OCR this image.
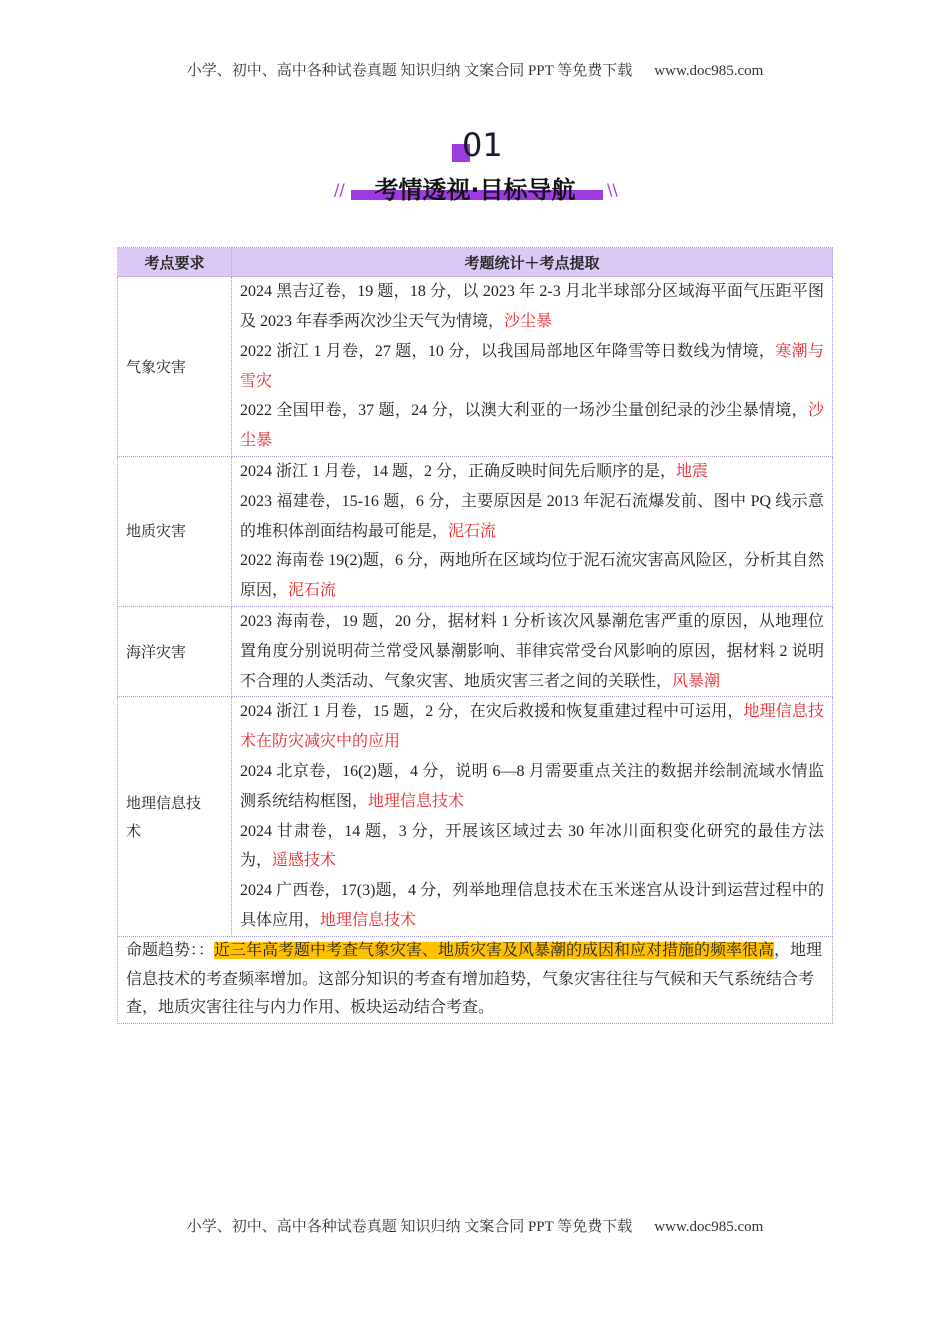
小学、初中、高中各种试卷真题 知识归纳 文案合同 PPT 等免费下载 www.doc985.com
01
//	\\
考情透视·目标导航
考点要求	考题统计＋考点提取
气象灾害	2024 黑吉辽卷，19 题，18 分，以 2023 年 2-3 月北半球部分区域海平面气压距平图及 2023 年春季两次沙尘天气为情境，沙尘暴
2022 浙江 1 月卷，27 题，10 分，以我国局部地区年降雪等日数线为情境，寒潮与雪灾
2022 全国甲卷，37 题，24 分，以澳大利亚的一场沙尘量创纪录的沙尘暴情境，沙尘暴

地质灾害	2024 浙江 1 月卷，14 题，2 分，正确反映时间先后顺序的是，地震
2023 福建卷，15-16 题，6 分，主要原因是 2013 年泥石流爆发前、图中 PQ 线示意的堆积体剖面结构最可能是，泥石流
2022 海南卷 19(2)题，6 分，两地所在区域均位于泥石流灾害高风险区，分析其自然原因，泥石流

海洋灾害	2023 海南卷，19 题，20 分，据材料 1 分析该次风暴潮危害严重的原因，从地理位置角度分别说明荷兰常受风暴潮影响、菲律宾常受台风影响的原因，据材料 2 说明不合理的人类活动、气象灾害、地质灾害三者之间的关联性，风暴潮

地理信息技术	2024 浙江 1 月卷，15 题，2 分，在灾后救援和恢复重建过程中可运用，地理信息技术在防灾减灾中的应用
2024 北京卷，16(2)题，4 分，说明 6—8 月需要重点关注的数据并绘制流域水情监测系统结构框图，地理信息技术
2024 甘肃卷，14 题，3 分，开展该区域过去 30 年冰川面积变化研究的最佳方法为，遥感技术
2024 广西卷，17(3)题，4 分，列举地理信息技术在玉米迷宫从设计到运营过程中的具体应用，地理信息技术

命题趋势：：近三年高考题中考查气象灾害、地质灾害及风暴潮的成因和应对措施的频率很高，地理信息技术的考查频率增加。这部分知识的考查有增加趋势，气象灾害往往与气候和天气系统结合考查，地质灾害往往与内力作用、板块运动结合考查。	
小学、初中、高中各种试卷真题 知识归纳 文案合同 PPT 等免费下载 www.doc985.com
